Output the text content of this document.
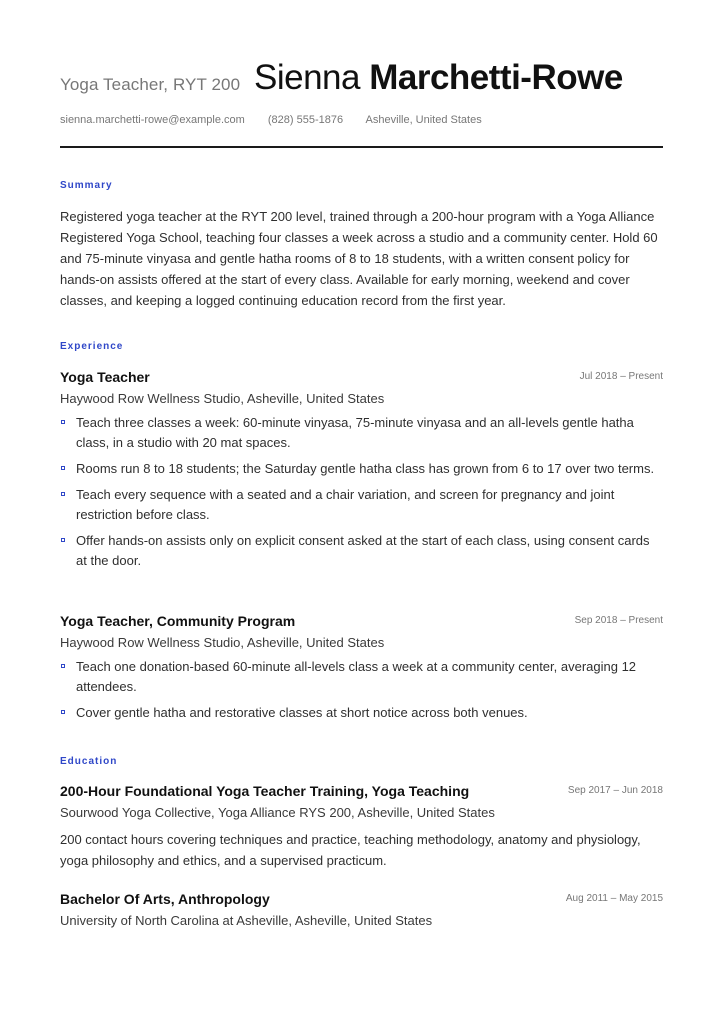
Yoga Teacher, RYT 200 Sienna Marchetti-Rowe
sienna.marchetti-rowe@example.com (828) 555-1876 Asheville, United States
Summary
Registered yoga teacher at the RYT 200 level, trained through a 200-hour program with a Yoga Alliance Registered Yoga School, teaching four classes a week across a studio and a community center. Hold 60 and 75-minute vinyasa and gentle hatha rooms of 8 to 18 students, with a written consent policy for hands-on assists offered at the start of every class. Available for early morning, weekend and cover classes, and keeping a logged continuing education record from the first year.
Experience
Yoga Teacher	Jul 2018 – Present
Haywood Row Wellness Studio, Asheville, United States
Teach three classes a week: 60-minute vinyasa, 75-minute vinyasa and an all-levels gentle hatha class, in a studio with 20 mat spaces.
Rooms run 8 to 18 students; the Saturday gentle hatha class has grown from 6 to 17 over two terms.
Teach every sequence with a seated and a chair variation, and screen for pregnancy and joint restriction before class.
Offer hands-on assists only on explicit consent asked at the start of each class, using consent cards at the door.
Yoga Teacher, Community Program	Sep 2018 – Present
Haywood Row Wellness Studio, Asheville, United States
Teach one donation-based 60-minute all-levels class a week at a community center, averaging 12 attendees.
Cover gentle hatha and restorative classes at short notice across both venues.
Education
200-Hour Foundational Yoga Teacher Training, Yoga Teaching	Sep 2017 – Jun 2018
Sourwood Yoga Collective, Yoga Alliance RYS 200, Asheville, United States
200 contact hours covering techniques and practice, teaching methodology, anatomy and physiology, yoga philosophy and ethics, and a supervised practicum.
Bachelor Of Arts, Anthropology	Aug 2011 – May 2015
University of North Carolina at Asheville, Asheville, United States
